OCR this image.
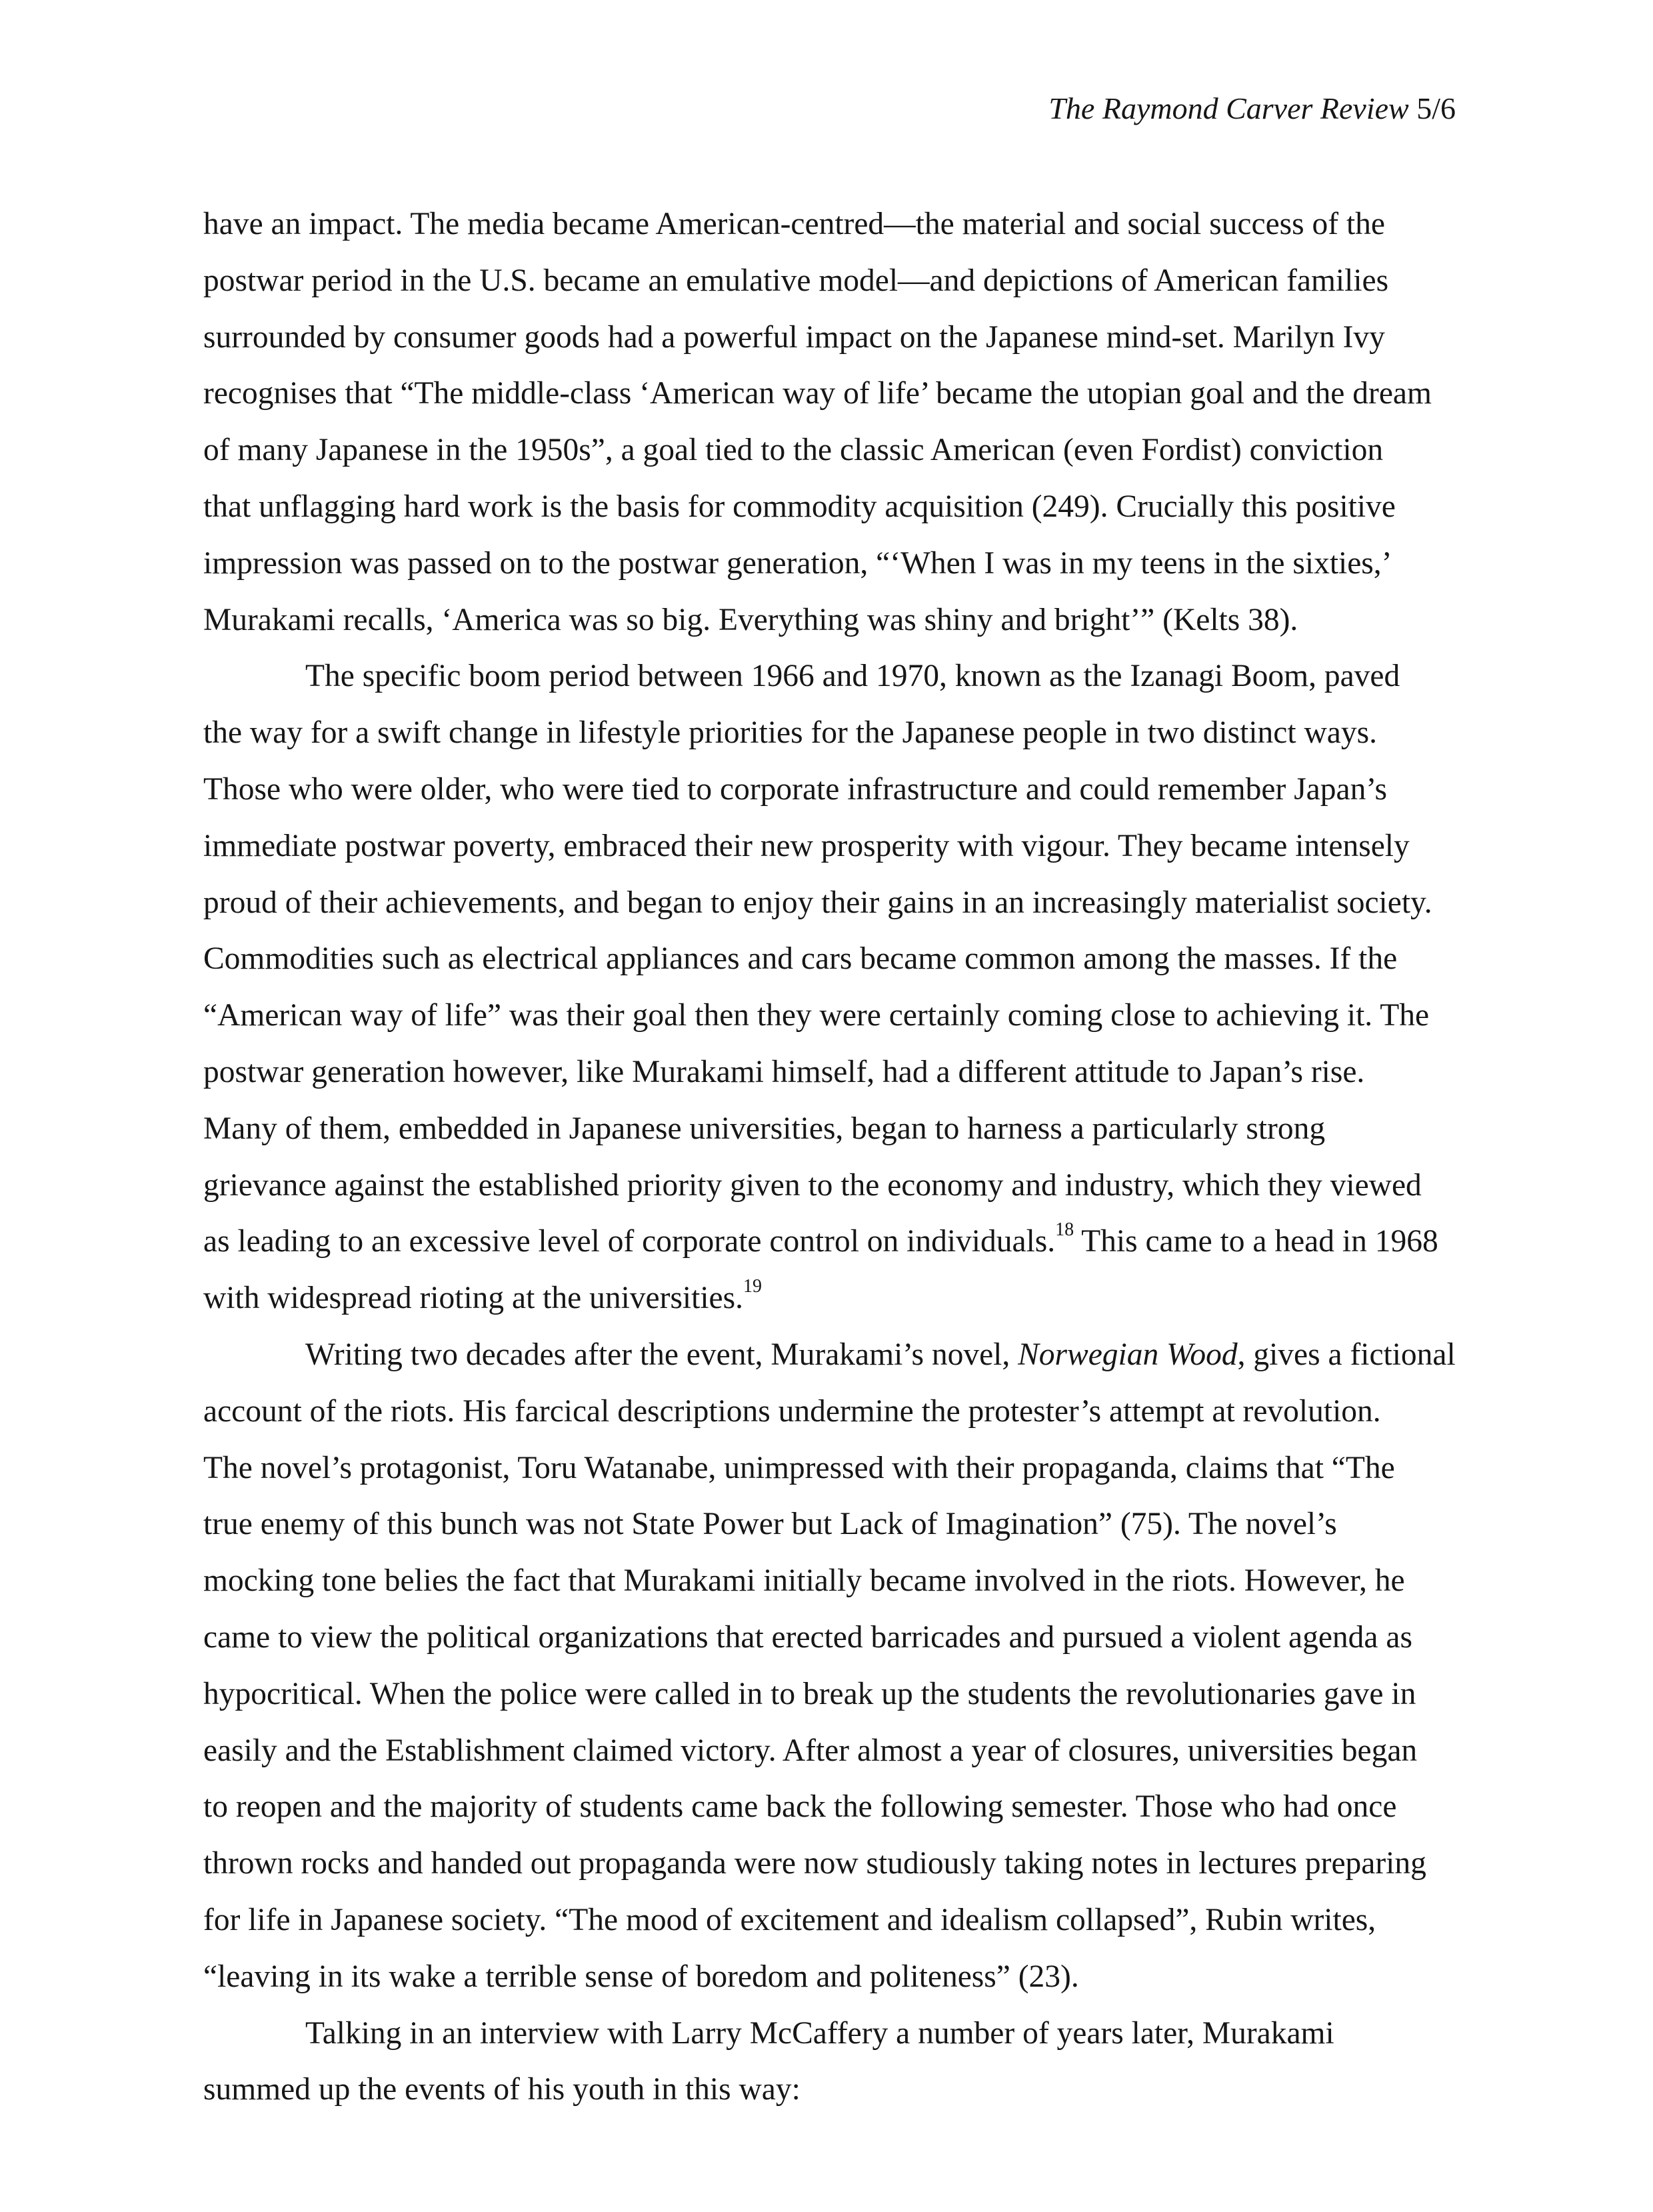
The Raymond Carver Review 5/6
have an impact. The media became American-centred—the material and social success of the
postwar period in the U.S. became an emulative model—and depictions of American families
surrounded by consumer goods had a powerful impact on the Japanese mind-set. Marilyn Ivy
recognises that “The middle-class ‘American way of life’ became the utopian goal and the dream
of many Japanese in the 1950s”, a goal tied to the classic American (even Fordist) conviction
that unflagging hard work is the basis for commodity acquisition (249). Crucially this positive
impression was passed on to the postwar generation, “‘When I was in my teens in the sixties,’
Murakami recalls, ‘America was so big. Everything was shiny and bright’” (Kelts 38).
The specific boom period between 1966 and 1970, known as the Izanagi Boom, paved
the way for a swift change in lifestyle priorities for the Japanese people in two distinct ways.
Those who were older, who were tied to corporate infrastructure and could remember Japan’s
immediate postwar poverty, embraced their new prosperity with vigour. They became intensely
proud of their achievements, and began to enjoy their gains in an increasingly materialist society.
Commodities such as electrical appliances and cars became common among the masses. If the
“American way of life” was their goal then they were certainly coming close to achieving it. The
postwar generation however, like Murakami himself, had a different attitude to Japan’s rise.
Many of them, embedded in Japanese universities, began to harness a particularly strong
grievance against the established priority given to the economy and industry, which they viewed
as leading to an excessive level of corporate control on individuals.$^{18}$ This came to a head in 1968
with widespread rioting at the universities.$^{19}$
Writing two decades after the event, Murakami’s novel, Norwegian Wood, gives a fictional
account of the riots. His farcical descriptions undermine the protester’s attempt at revolution.
The novel’s protagonist, Toru Watanabe, unimpressed with their propaganda, claims that “The
true enemy of this bunch was not State Power but Lack of Imagination” (75). The novel’s
mocking tone belies the fact that Murakami initially became involved in the riots. However, he
came to view the political organizations that erected barricades and pursued a violent agenda as
hypocritical. When the police were called in to break up the students the revolutionaries gave in
easily and the Establishment claimed victory. After almost a year of closures, universities began
to reopen and the majority of students came back the following semester. Those who had once
thrown rocks and handed out propaganda were now studiously taking notes in lectures preparing
for life in Japanese society. “The mood of excitement and idealism collapsed”, Rubin writes,
“leaving in its wake a terrible sense of boredom and politeness” (23).
Talking in an interview with Larry McCaffery a number of years later, Murakami
summed up the events of his youth in this way:
